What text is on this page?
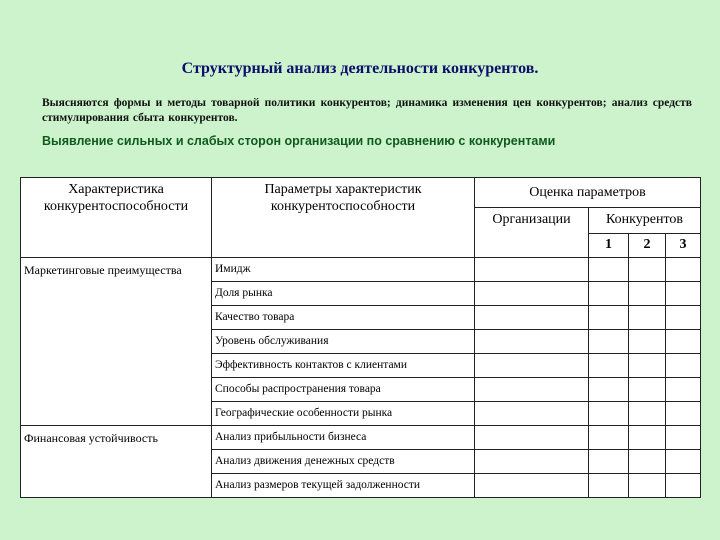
Структурный анализ деятельности конкурентов.
Выясняются формы и методы товарной политики конкурентов; динамика изменения цен конкурентов; анализ средств стимулирования сбыта конкурентов.
Выявление сильных и слабых сторон организации по сравнению с конкурентами
Характеристика конкурентоспособности	Параметры характеристик конкурентоспособности	Оценка параметров			
		Организации	Конкурентов		
			1	2	3
Маркетинговые преимущества	Имидж				
	Доля рынка				
	Качество товара				
	Уровень обслуживания				
	Эффективность контактов с клиентами				
	Способы распространения товара				
	Географические особенности рынка				
Финансовая устойчивость	Анализ прибыльности бизнеса				
	Анализ движения денежных средств				
	Анализ размеров текущей задолженности				
